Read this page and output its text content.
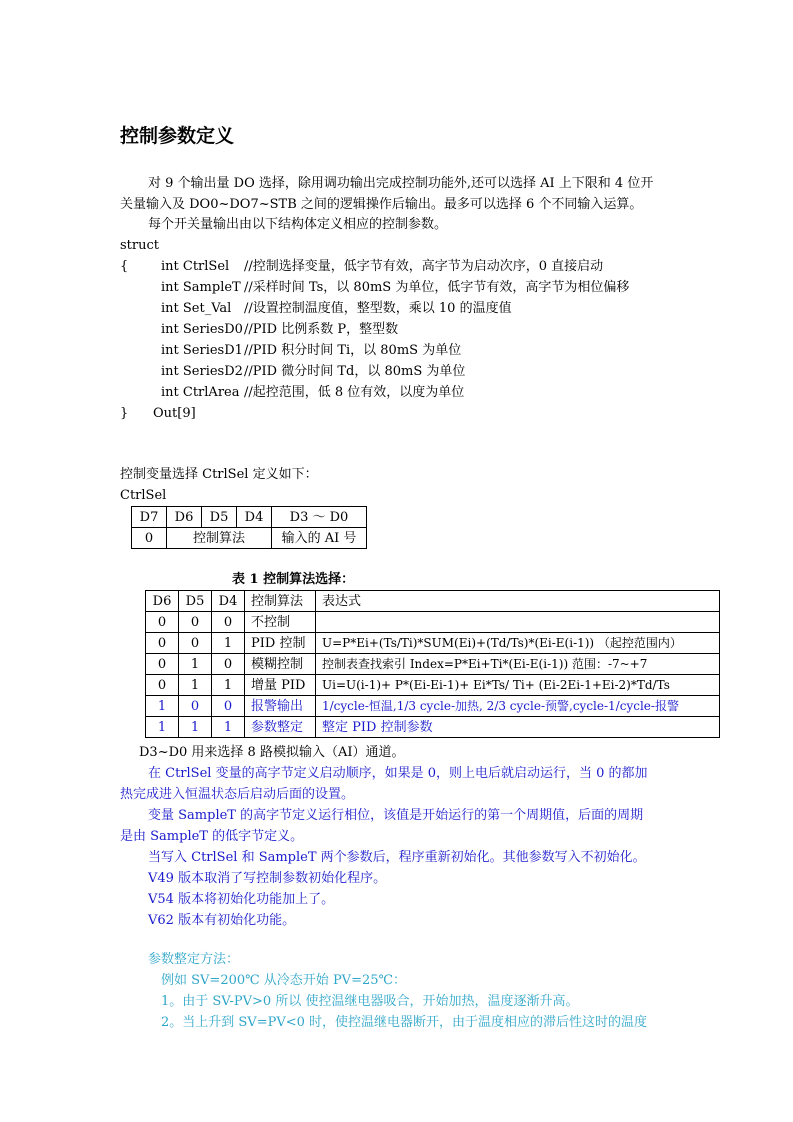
控制参数定义
对 9 个输出量 DO 选择，除用调功输出完成控制功能外,还可以选择 AI 上下限和 4 位开
关量输入及 DO0~DO7~STB 之间的逻辑操作后输出。最多可以选择 6 个不同输入运算。
每个开关量输出由以下结构体定义相应的控制参数。
struct
{	int CtrlSel //控制选择变量，低字节有效，高字节为启动次序，0 直接启动
int SampleT //采样时间 Ts，以 80mS 为单位，低字节有效，高字节为相位偏移
int Set_Val //设置控制温度值，整型数，乘以 10 的温度值
int SeriesD0 //PID 比例系数 P，整型数
int SeriesD1 //PID 积分时间 Ti，以 80mS 为单位
int SeriesD2 //PID 微分时间 Td，以 80mS 为单位
int CtrlArea //起控范围，低 8 位有效，以度为单位
} Out[9]
控制变量选择 CtrlSel 定义如下：
CtrlSel
D7	D6	D5	D4	D3 ～ D0
0	控制算法			输入的 AI 号
表 1 控制算法选择：
D6	D5	D4	控制算法	表达式
0	0	0	不控制	
0	0	1	PID 控制	U=P*Ei+(Ts/Ti)*SUM(Ei)+(Td/Ts)*(Ei-E(i-1)) （起控范围内）
0	1	0	模糊控制	控制表查找索引 Index=P*Ei+Ti*(Ei-E(i-1)) 范围：-7~+7
0	1	1	增量 PID	Ui=U(i-1)+ P*(Ei-Ei-1)+ Ei*Ts/ Ti+ (Ei-2Ei-1+Ei-2)*Td/Ts
1	0	0	报警输出	1/cycle-恒温,1/3 cycle-加热, 2/3 cycle-预警,cycle-1/cycle-报警
1	1	1	参数整定	整定 PID 控制参数
D3~D0 用来选择 8 路模拟输入（AI）通道。
在 CtrlSel 变量的高字节定义启动顺序，如果是 0，则上电后就启动运行，当 0 的都加
热完成进入恒温状态后启动后面的设置。
变量 SampleT 的高字节定义运行相位，该值是开始运行的第一个周期值，后面的周期
是由 SampleT 的低字节定义。
当写入 CtrlSel 和 SampleT 两个参数后，程序重新初始化。其他参数写入不初始化。
V49 版本取消了写控制参数初始化程序。
V54 版本将初始化功能加上了。
V62 版本有初始化功能。
参数整定方法：
例如 SV=200℃ 从冷态开始 PV=25℃：
1。由于 SV-PV>0 所以 使控温继电器吸合，开始加热，温度逐渐升高。
2。当上升到 SV=PV<0 时，使控温继电器断开，由于温度相应的滞后性这时的温度
